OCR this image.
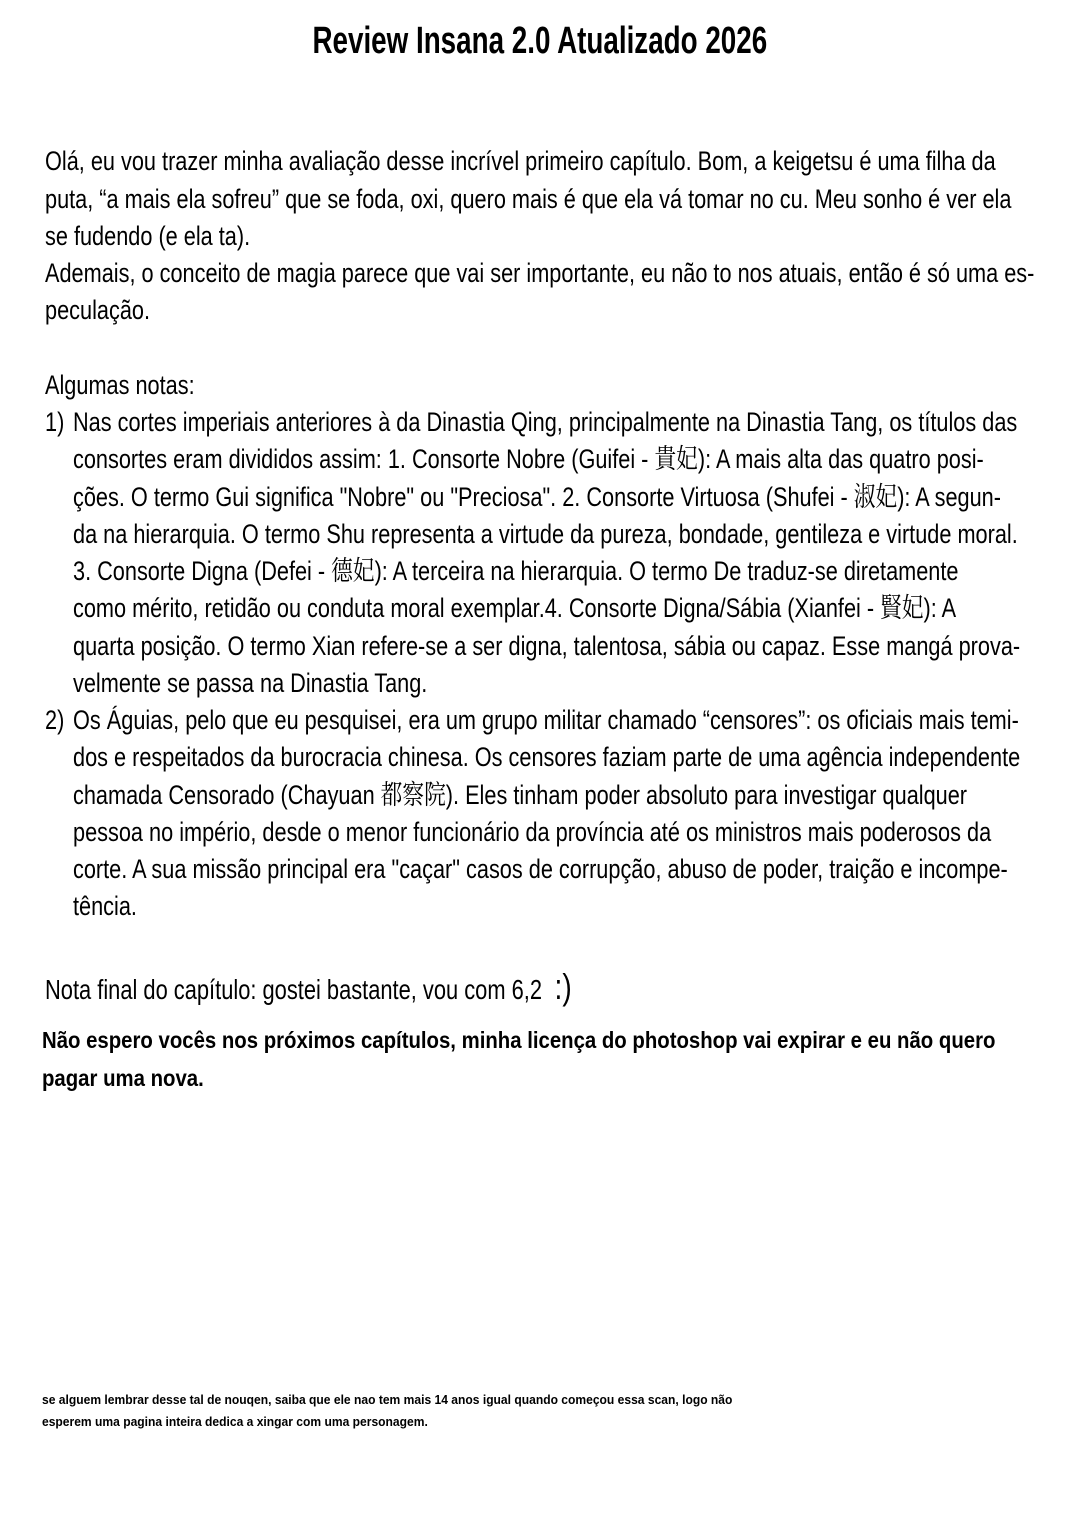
Review Insana 2.0 Atualizado 2026
Olá, eu vou trazer minha avaliação desse incrível primeiro capítulo. Bom, a keigetsu é uma filha da
puta, “a mais ela sofreu” que se foda, oxi, quero mais é que ela vá tomar no cu. Meu sonho é ver ela
se fudendo (e ela ta).
Ademais, o conceito de magia parece que vai ser importante, eu não to nos atuais, então é só uma es-
peculação.
Algumas notas:
1) Nas cortes imperiais anteriores à da Dinastia Qing, principalmente na Dinastia Tang, os títulos das
consortes eram divididos assim: 1. Consorte Nobre (Guifei - 貴妃): A mais alta das quatro posi-
ções. O termo Gui significa "Nobre" ou "Preciosa". 2. Consorte Virtuosa (Shufei - 淑妃): A segun-
da na hierarquia. O termo Shu representa a virtude da pureza, bondade, gentileza e virtude moral.
3. Consorte Digna (Defei - 德妃): A terceira na hierarquia. O termo De traduz-se diretamente
como mérito, retidão ou conduta moral exemplar.4. Consorte Digna/Sábia (Xianfei - 賢妃): A
quarta posição. O termo Xian refere-se a ser digna, talentosa, sábia ou capaz. Esse mangá prova-
velmente se passa na Dinastia Tang.
2) Os Águias, pelo que eu pesquisei, era um grupo militar chamado “censores”: os oficiais mais temi-
dos e respeitados da burocracia chinesa. Os censores faziam parte de uma agência independente
chamada Censorado (Chayuan 都察院). Eles tinham poder absoluto para investigar qualquer
pessoa no império, desde o menor funcionário da província até os ministros mais poderosos da
corte. A sua missão principal era "caçar" casos de corrupção, abuso de poder, traição e incompe-
tência.
Nota final do capítulo: gostei bastante, vou com 6,2 :)
Não espero vocês nos próximos capítulos, minha licença do photoshop vai expirar e eu não quero
pagar uma nova.
se alguem lembrar desse tal de nouqen, saiba que ele nao tem mais 14 anos igual quando começou essa scan, logo não
esperem uma pagina inteira dedica a xingar com uma personagem.
